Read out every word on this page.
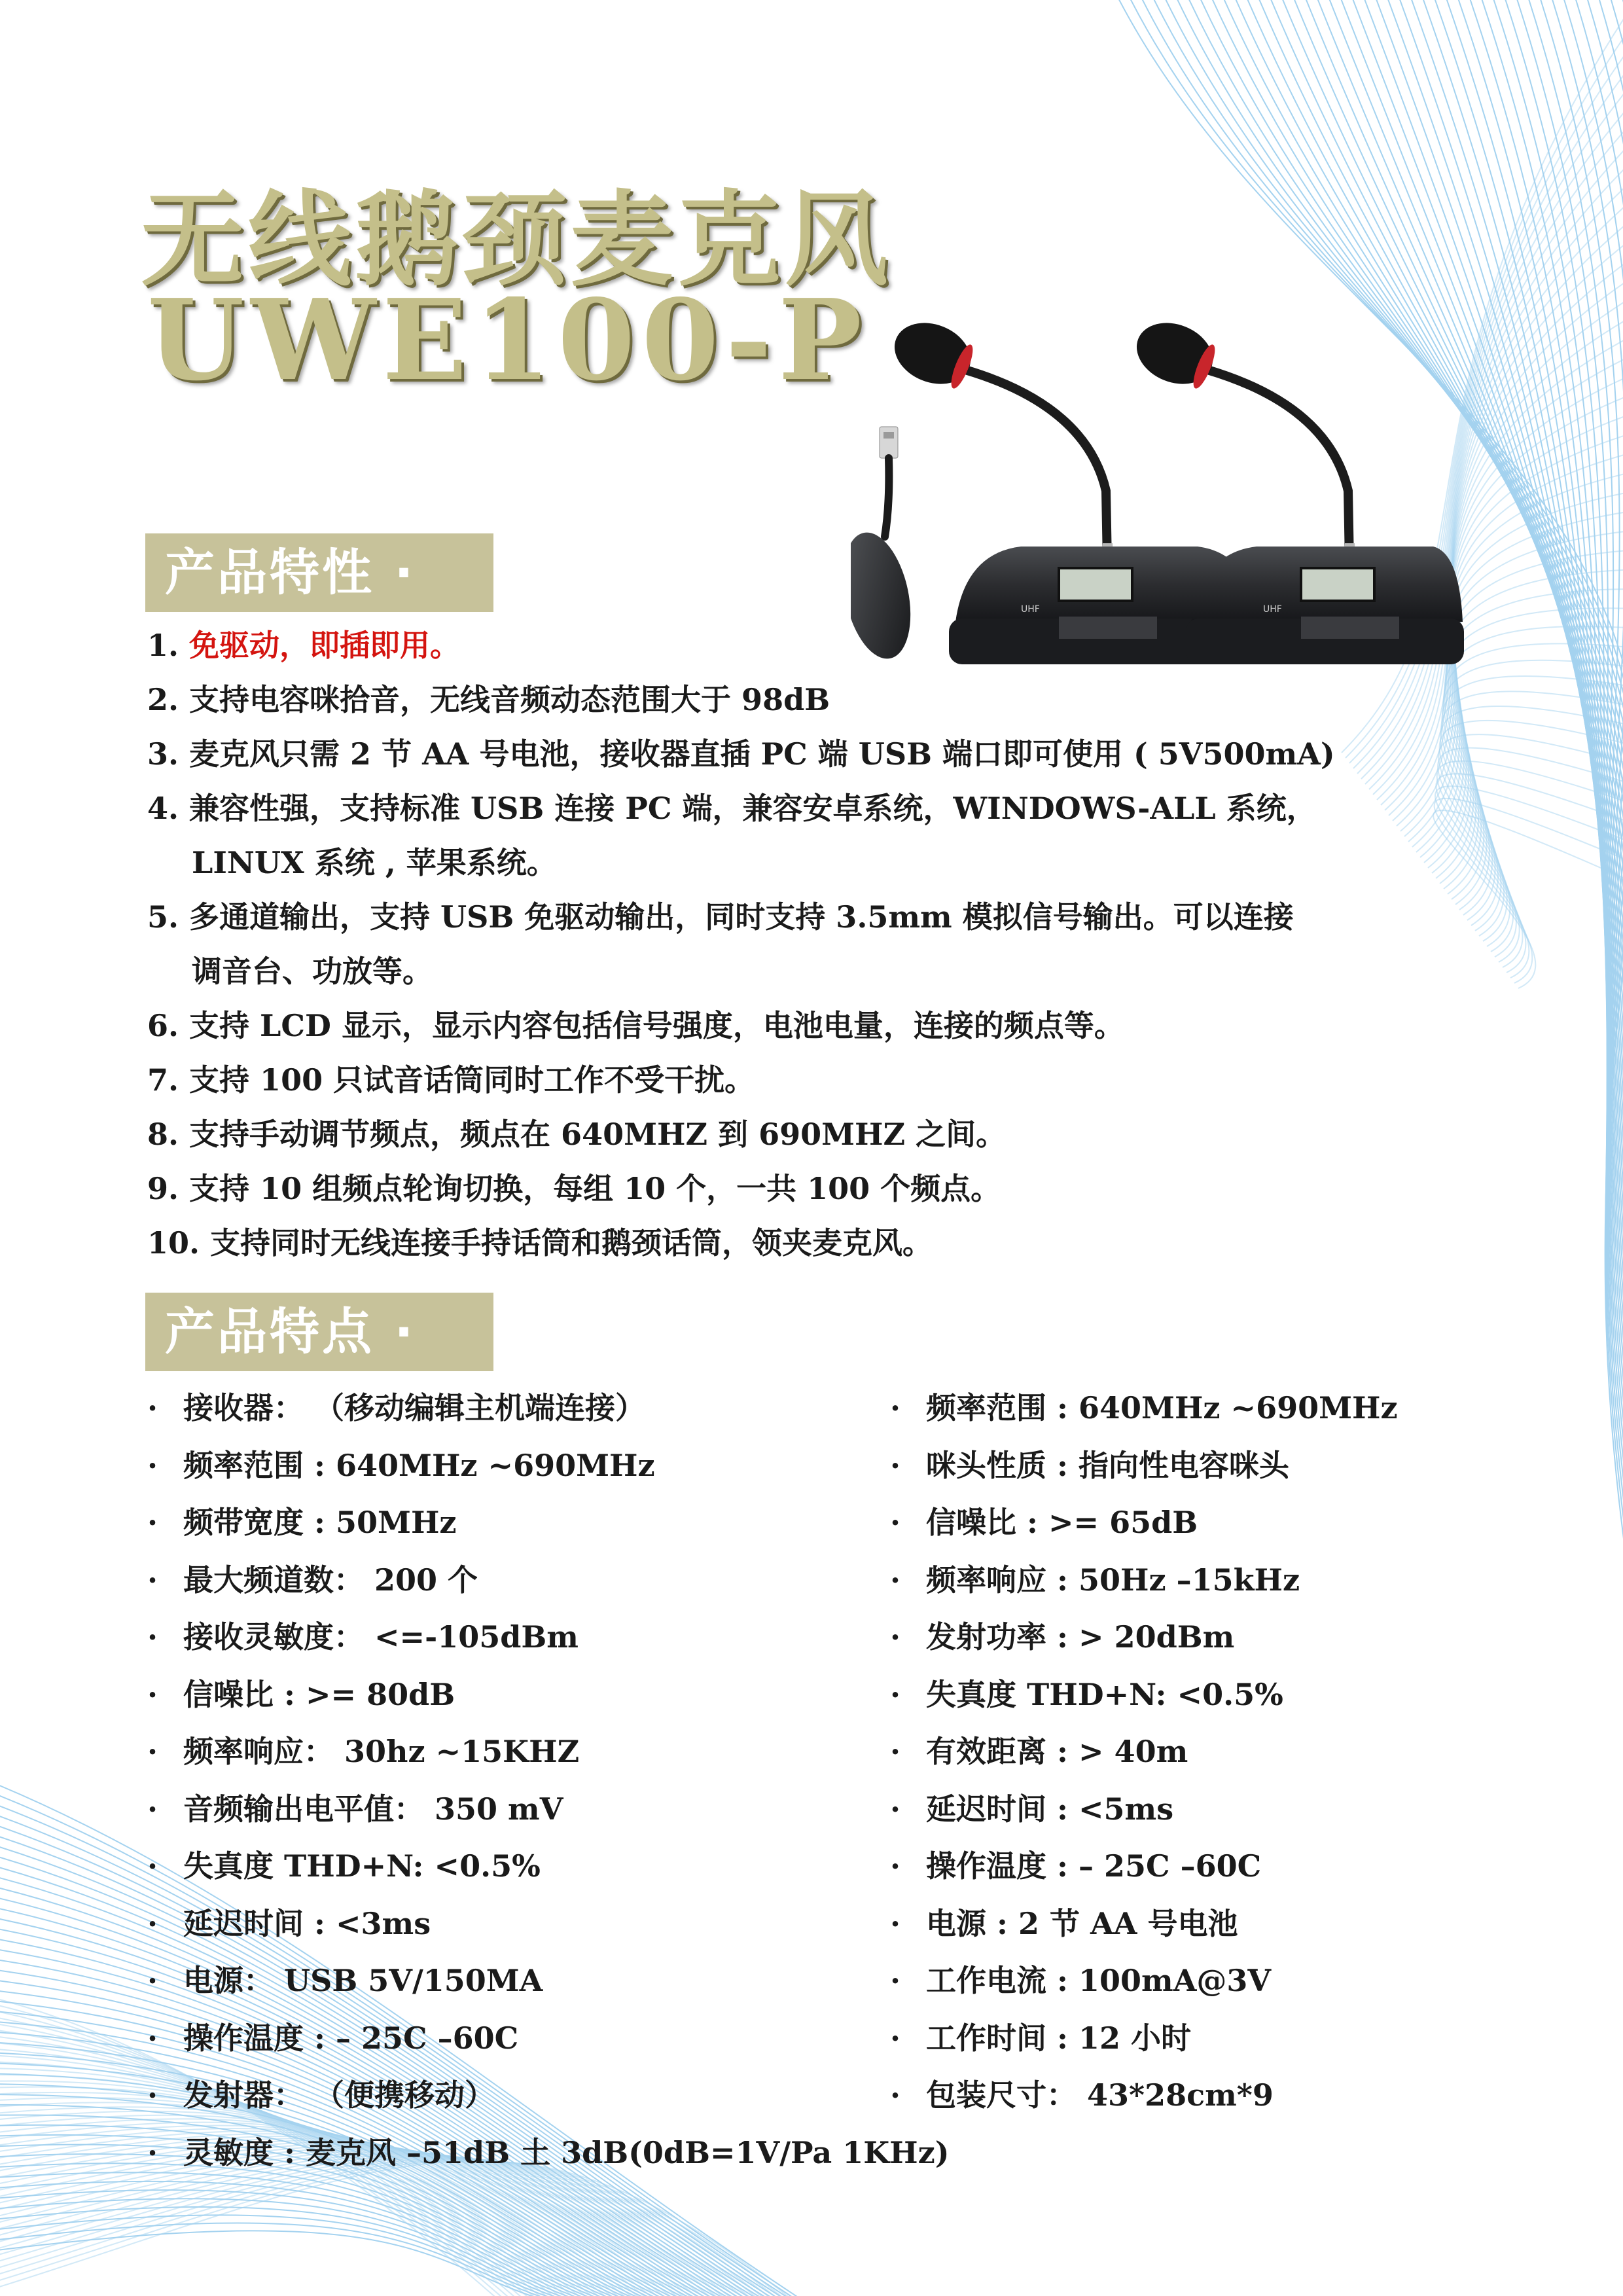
无线鹅颈麦克风
UWE100-P
UHF	UHF
产品特性 ·
1. 免驱动，即插即用。
2. 支持电容咪拾音，无线音频动态范围大于 98dB
3. 麦克风只需 2 节 AA 号电池，接收器直插 PC 端 USB 端口即可使用 ( 5V500mA)
4. 兼容性强，支持标准 USB 连接 PC 端，兼容安卓系统，WINDOWS-ALL 系统，
LINUX 系统 , 苹果系统。
5. 多通道输出，支持 USB 免驱动输出，同时支持 3.5mm 模拟信号输出。可以连接
调音台、功放等。
6. 支持 LCD 显示，显示内容包括信号强度，电池电量，连接的频点等。
7. 支持 100 只试音话筒同时工作不受干扰。
8. 支持手动调节频点，频点在 640MHZ 到 690MHZ 之间。
9. 支持 10 组频点轮询切换，每组 10 个，一共 100 个频点。
10. 支持同时无线连接手持话筒和鹅颈话筒，领夹麦克风。
产品特点 ·
· 接收器： （移动编辑主机端连接）
· 频率范围 : 640MHz ~690MHz
· 频带宽度 : 50MHz
· 最大频道数： 200 个
· 接收灵敏度： <=-105dBm
· 信噪比 : >= 80dB
· 频率响应： 30hz ~15KHZ
· 音频输出电平值： 350 mV
· 失真度 THD+N: <0.5%
· 延迟时间 : <3ms
· 电源： USB 5V/150MA
· 操作温度 : – 25C –60C
· 发射器： （便携移动）
· 灵敏度 : 麦克风 –51dB 土 3dB(0dB=1V/Pa 1KHz)
· 频率范围 : 640MHz ~690MHz
· 咪头性质 : 指向性电容咪头
· 信噪比 : >= 65dB
· 频率响应 : 50Hz –15kHz
· 发射功率 : > 20dBm
· 失真度 THD+N: <0.5%
· 有效距离 : > 40m
· 延迟时间 : <5ms
· 操作温度 : – 25C –60C
· 电源 : 2 节 AA 号电池
· 工作电流 : 100mA@3V
· 工作时间 : 12 小时
· 包装尺寸： 43*28cm*9
